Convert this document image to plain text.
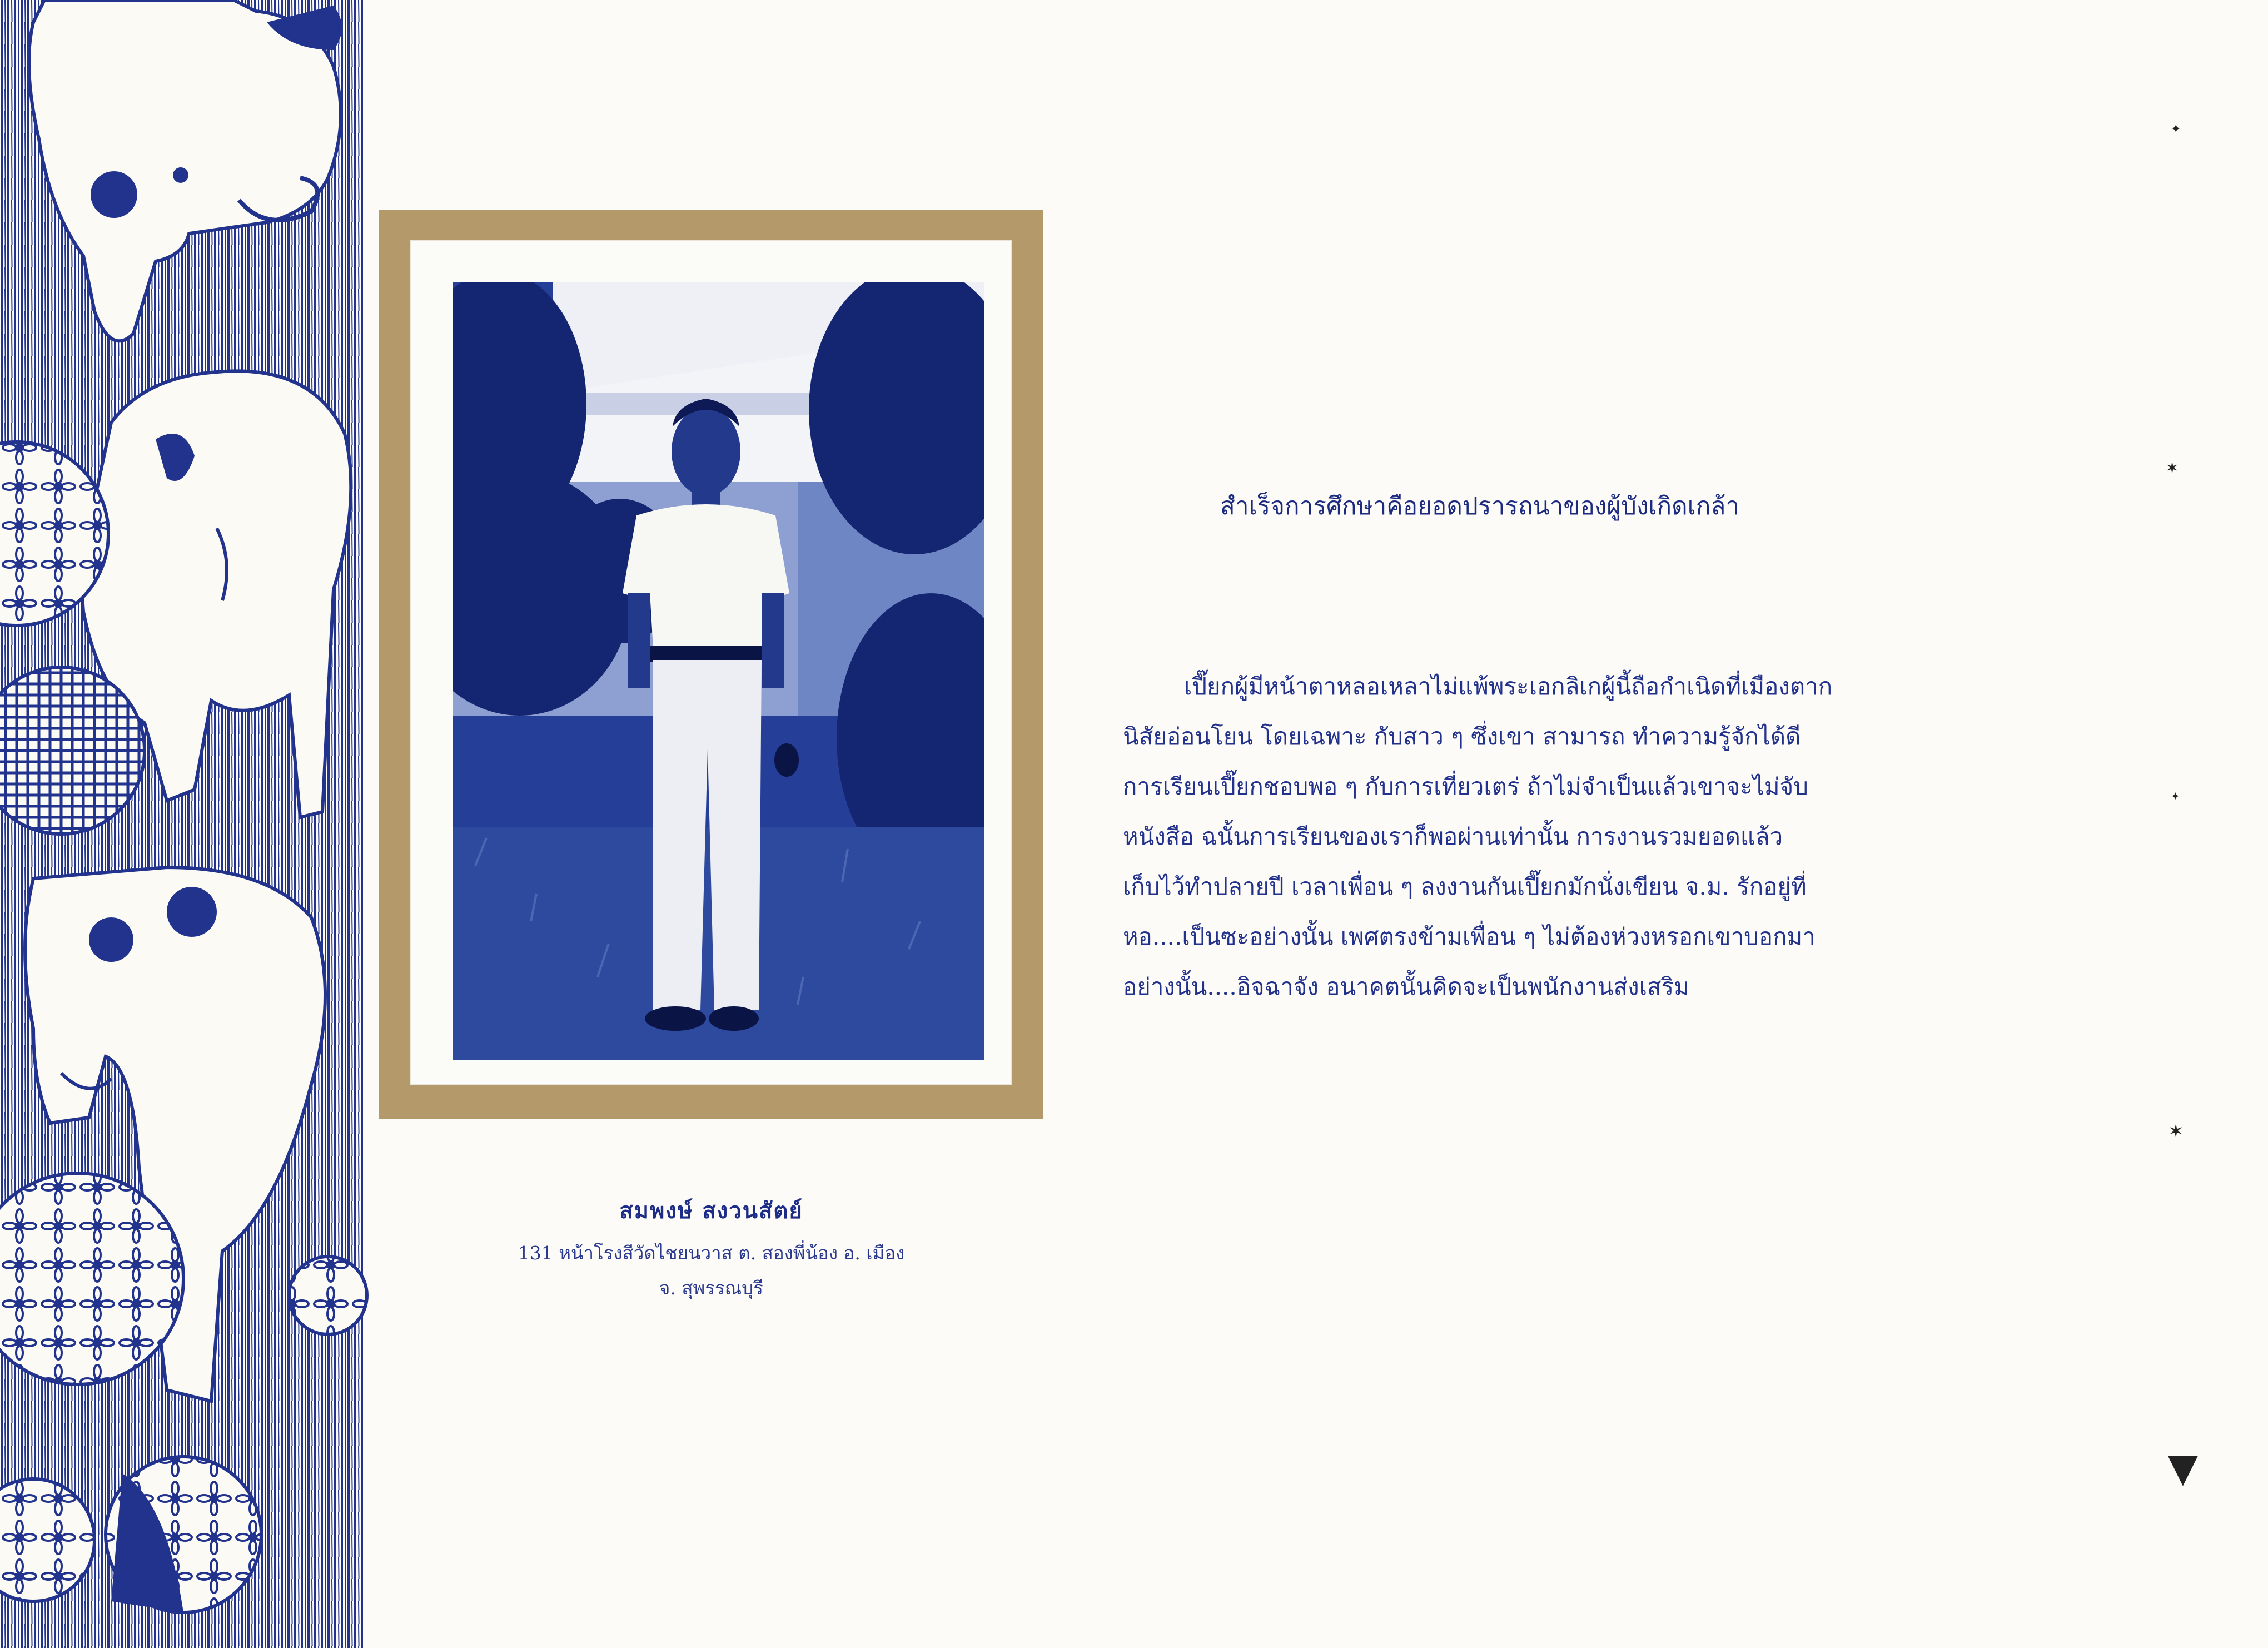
สมพงษ์ สงวนสัตย์
131 หน้าโรงสีวัดไชยนวาส ต. สองพี่น้อง อ. เมือง
จ. สุพรรณบุรี
สำเร็จการศึกษาคือยอดปรารถนาของผู้บังเกิดเกล้า

เปี๊ยกผู้มีหน้าตาหลอเหลาไม่แพ้พระเอกลิเกผู้นี้ถือกำเนิดที่เมืองตาก

นิสัยอ่อนโยน โดยเฉพาะ กับสาว ๆ ซึ่งเขา สามารถ ทำความรู้จักได้ดี

การเรียนเปี๊ยกชอบพอ ๆ กับการเที่ยวเตร่ ถ้าไม่จำเป็นแล้วเขาจะไม่จับ

หนังสือ ฉนั้นการเรียนของเราก็พอผ่านเท่านั้น การงานรวมยอดแล้ว

เก็บไว้ทำปลายปี เวลาเพื่อน ๆ ลงงานกันเปี๊ยกมักนั่งเขียน จ.ม. รักอยู่ที่

หอ....เป็นซะอย่างนั้น เพศตรงข้ามเพื่อน ๆ ไม่ต้องห่วงหรอกเขาบอกมา

อย่างนั้น....อิจฉาจัง อนาคตนั้นคิดจะเป็นพนักงานส่งเสริม

✦
✶
✦
✶
▼
